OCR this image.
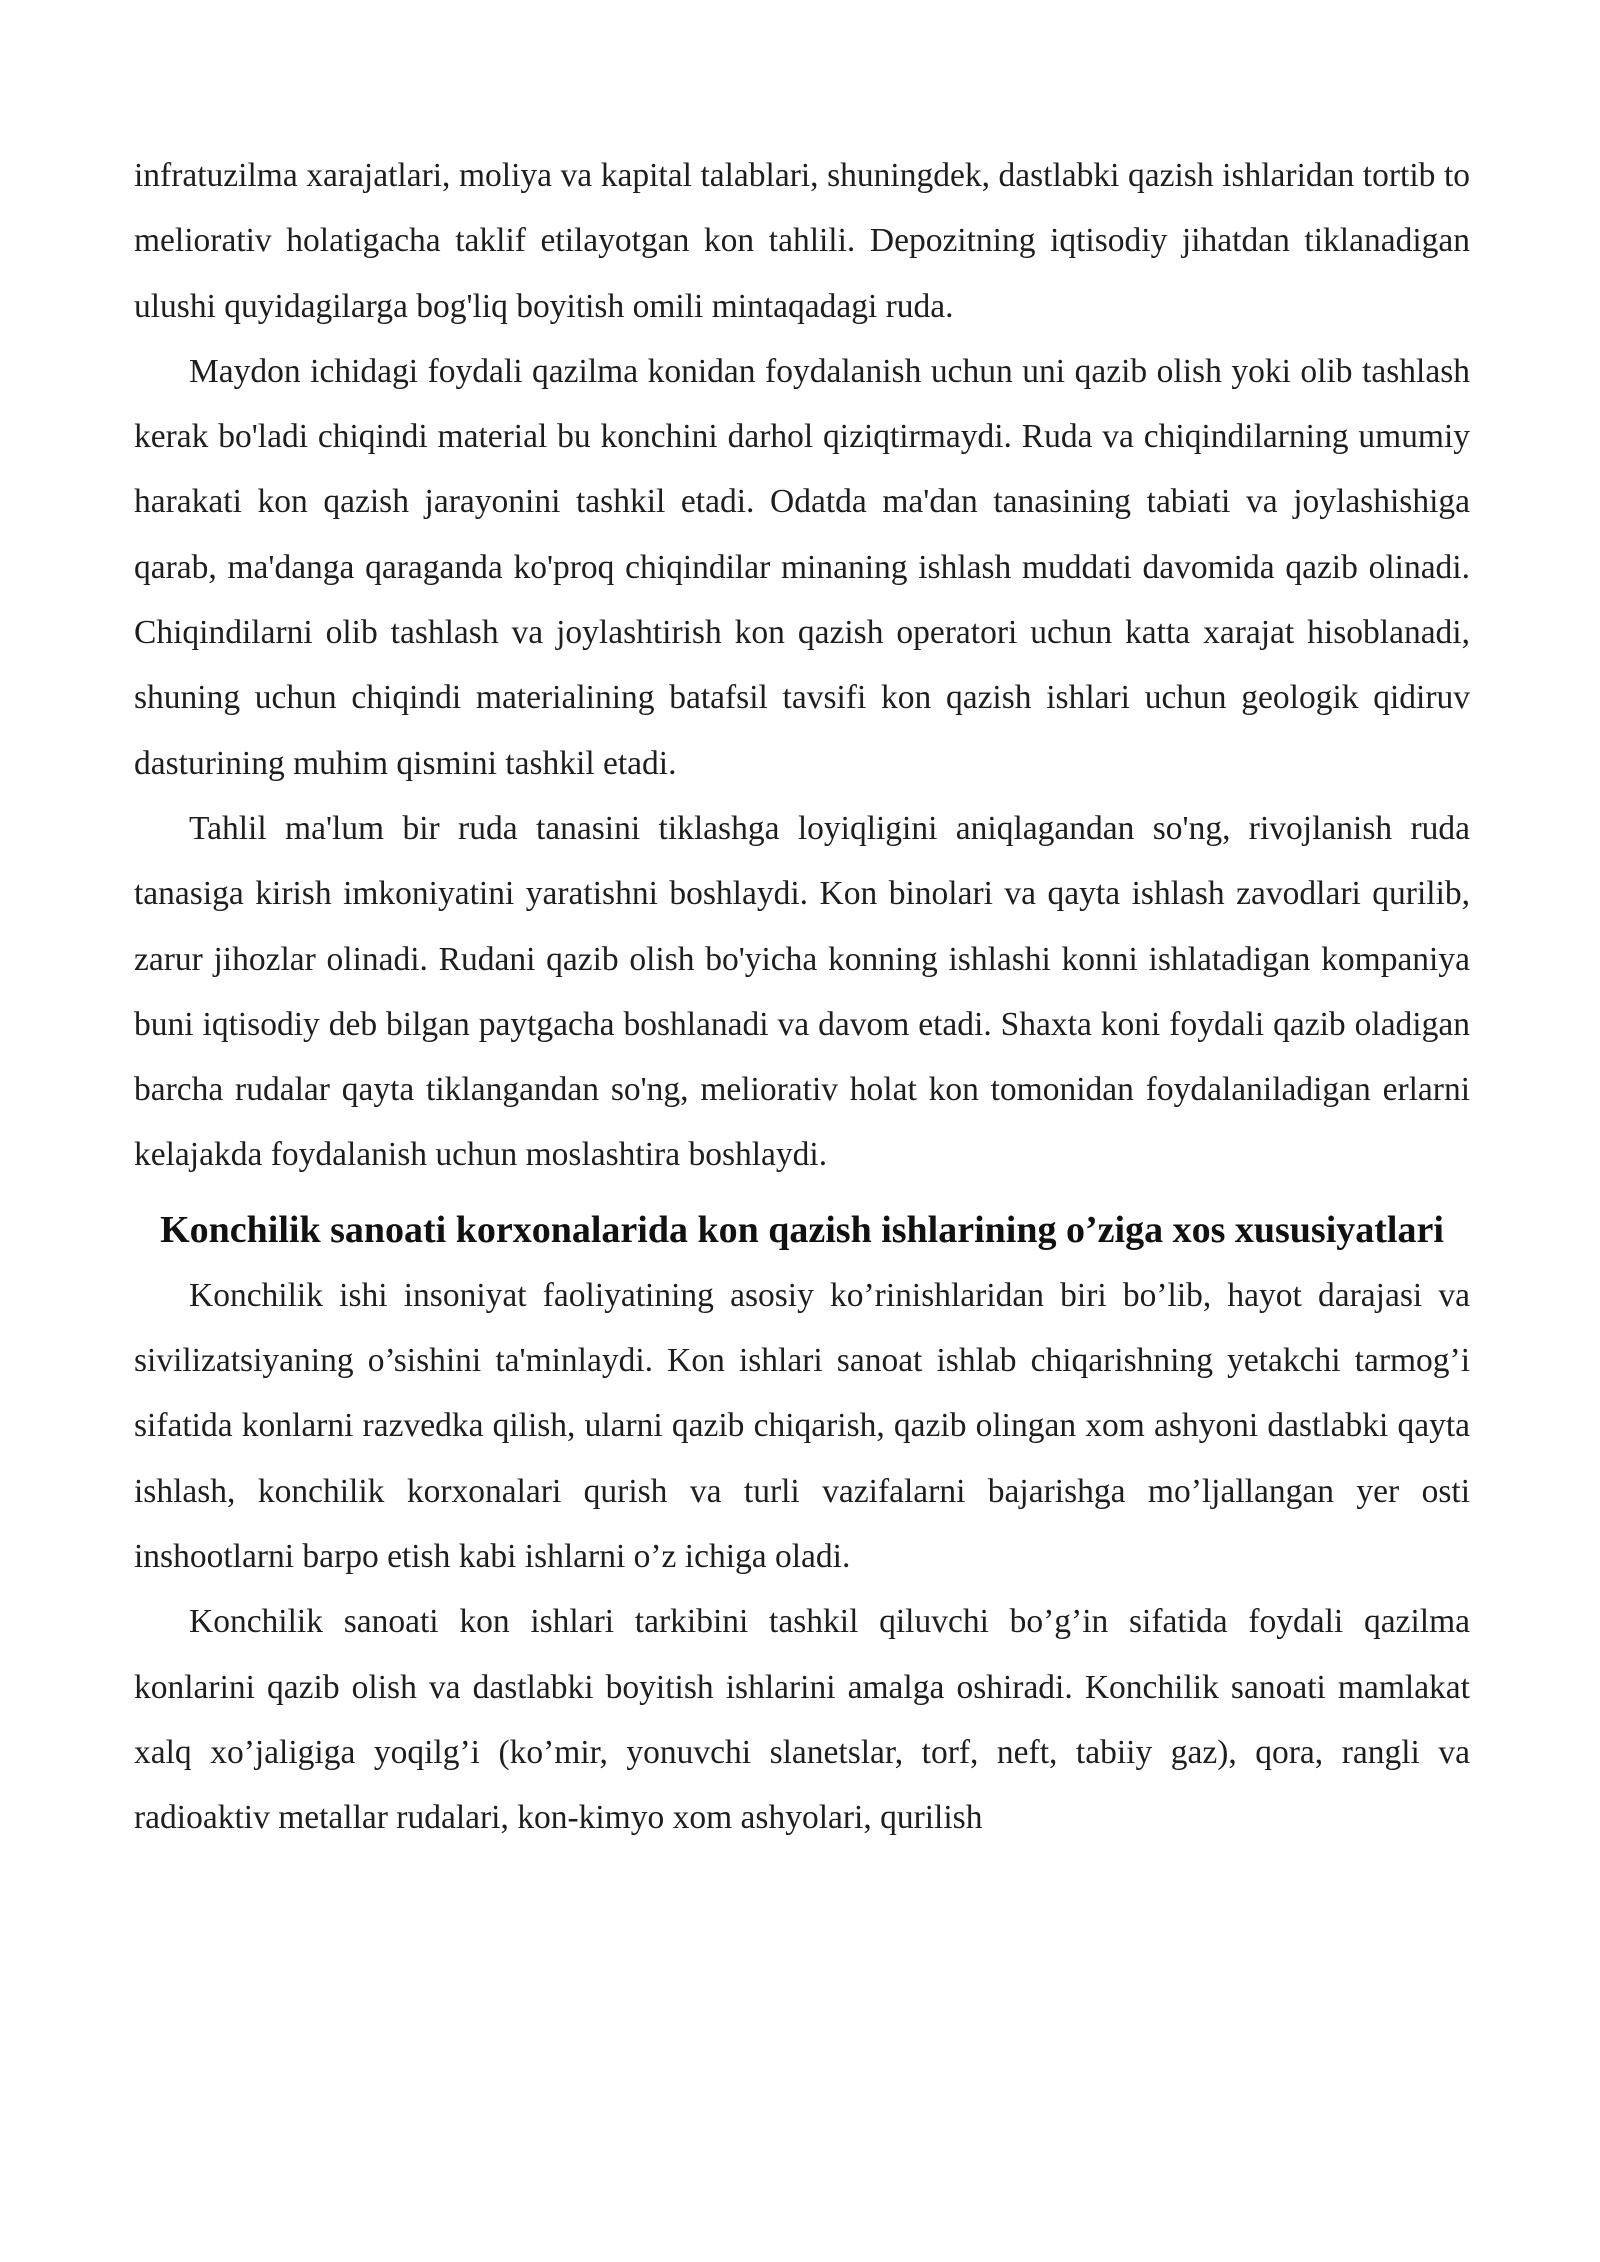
infratuzilma xarajatlari, moliya va kapital talablari, shuningdek, dastlabki qazish ishlaridan tortib to meliorativ holatigacha taklif etilayotgan kon tahlili. Depozitning iqtisodiy jihatdan tiklanadigan ulushi quyidagilarga bog'liq boyitish omili mintaqadagi ruda.

Maydon ichidagi foydali qazilma konidan foydalanish uchun uni qazib olish yoki olib tashlash kerak bo'ladi chiqindi material bu konchini darhol qiziqtirmaydi. Ruda va chiqindilarning umumiy harakati kon qazish jarayonini tashkil etadi. Odatda ma'dan tanasining tabiati va joylashishiga qarab, ma'danga qaraganda ko'proq chiqindilar minaning ishlash muddati davomida qazib olinadi. Chiqindilarni olib tashlash va joylashtirish kon qazish operatori uchun katta xarajat hisoblanadi, shuning uchun chiqindi materialining batafsil tavsifi kon qazish ishlari uchun geologik qidiruv dasturining muhim qismini tashkil etadi.

Tahlil ma'lum bir ruda tanasini tiklashga loyiqligini aniqlagandan so'ng, rivojlanish ruda tanasiga kirish imkoniyatini yaratishni boshlaydi. Kon binolari va qayta ishlash zavodlari qurilib, zarur jihozlar olinadi. Rudani qazib olish bo'yicha konning ishlashi konni ishlatadigan kompaniya buni iqtisodiy deb bilgan paytgacha boshlanadi va davom etadi. Shaxta koni foydali qazib oladigan barcha rudalar qayta tiklangandan so'ng, meliorativ holat kon tomonidan foydalaniladigan erlarni kelajakda foydalanish uchun moslashtira boshlaydi.

Konchilik sanoati korxonalarida kon qazish ishlarining o’ziga xos xususiyatlari

Konchilik ishi insoniyat faoliyatining asosiy ko’rinishlaridan biri bo’lib, hayot darajasi va sivilizatsiyaning o’sishini ta'minlaydi. Kon ishlari sanoat ishlab chiqarishning yetakchi tarmog’i sifatida konlarni razvedka qilish, ularni qazib chiqarish, qazib olingan xom ashyoni dastlabki qayta ishlash, konchilik korxonalari qurish va turli vazifalarni bajarishga mo’ljallangan yer osti inshootlarni barpo etish kabi ishlarni o’z ichiga oladi.

Konchilik sanoati kon ishlari tarkibini tashkil qiluvchi bo’g’in sifatida foydali qazilma konlarini qazib olish va dastlabki boyitish ishlarini amalga oshiradi. Konchilik sanoati mamlakat xalq xo’jaligiga yoqilg’i (ko’mir, yonuvchi slanetslar, torf, neft, tabiiy gaz), qora, rangli va radioaktiv metallar rudalari, kon-kimyo xom ashyolari, qurilish
